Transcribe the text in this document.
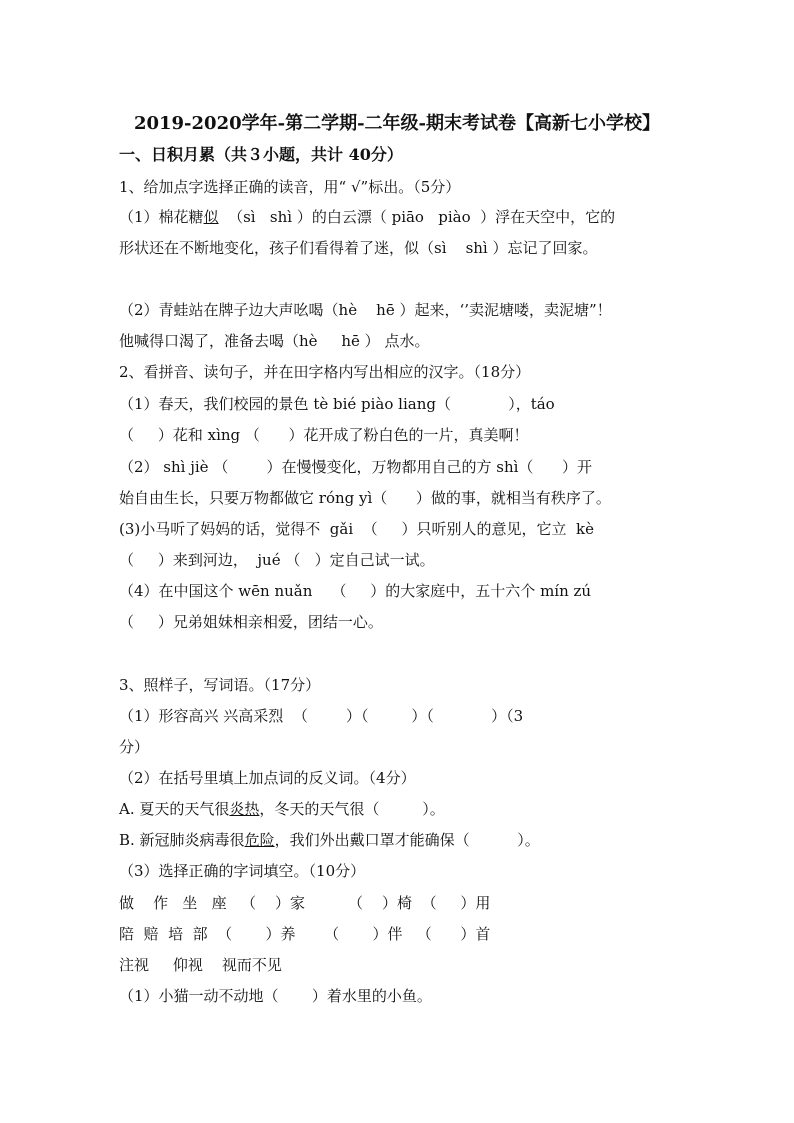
2019-2020学年-第二学期-二年级-期末考试卷【高新七小学校】
一、日积月累（共３小题，共计 40分）
1、给加点字选择正确的读音，用“ √”标出。（5分）
（1）棉花糖似  （sì   shì ）的白云漂（ piāo   piào  ）浮在天空中，它的
形状还在不断地变化，孩子们看得着了迷，似（sì    shì ）忘记了回家。
（2）青蛙站在牌子边大声吆喝（hè    hē ）起来，‘’卖泥塘喽，卖泥塘”！
他喊得口渴了，准备去喝（hè     hē ） 点水。
2、看拼音、读句子，并在田字格内写出相应的汉字。（18分）
（1）春天，我们校园的景色 tè bié piào liang（            ），táo
（     ）花和 xìng （      ）花开成了粉白色的一片，真美啊！
（2） shì jiè （        ）在慢慢变化，万物都用自己的方 shì（      ）开
始自由生长，只要万物都做它 róng yì（      ）做的事，就相当有秩序了。
(3)小马听了妈妈的话，觉得不  gǎi  （     ）只听别人的意见，它立  kè
（     ）来到河边，  jué （   ）定自己试一试。
（4）在中国这个 wēn nuǎn    （     ）的大家庭中，五十六个 mín zú
（     ）兄弟姐妹相亲相爱，团结一心。
3、照样子，写词语。（17分）
（1）形容高兴 兴高采烈  （        ）（         ）（            ）（3
分）
（2）在括号里填上加点词的反义词。（4分）
A. 夏天的天气很炎热，冬天的天气很（         ）。
B. 新冠肺炎病毒很危险，我们外出戴口罩才能确保（          ）。
（3）选择正确的字词填空。（10分）
做    作   坐   座   （    ）家         （    ）椅  （     ）用
陪  赔  培  部  （       ）养      （       ）伴   （      ）首
注视     仰视    视而不见
（1）小猫一动不动地（       ）着水里的小鱼。
